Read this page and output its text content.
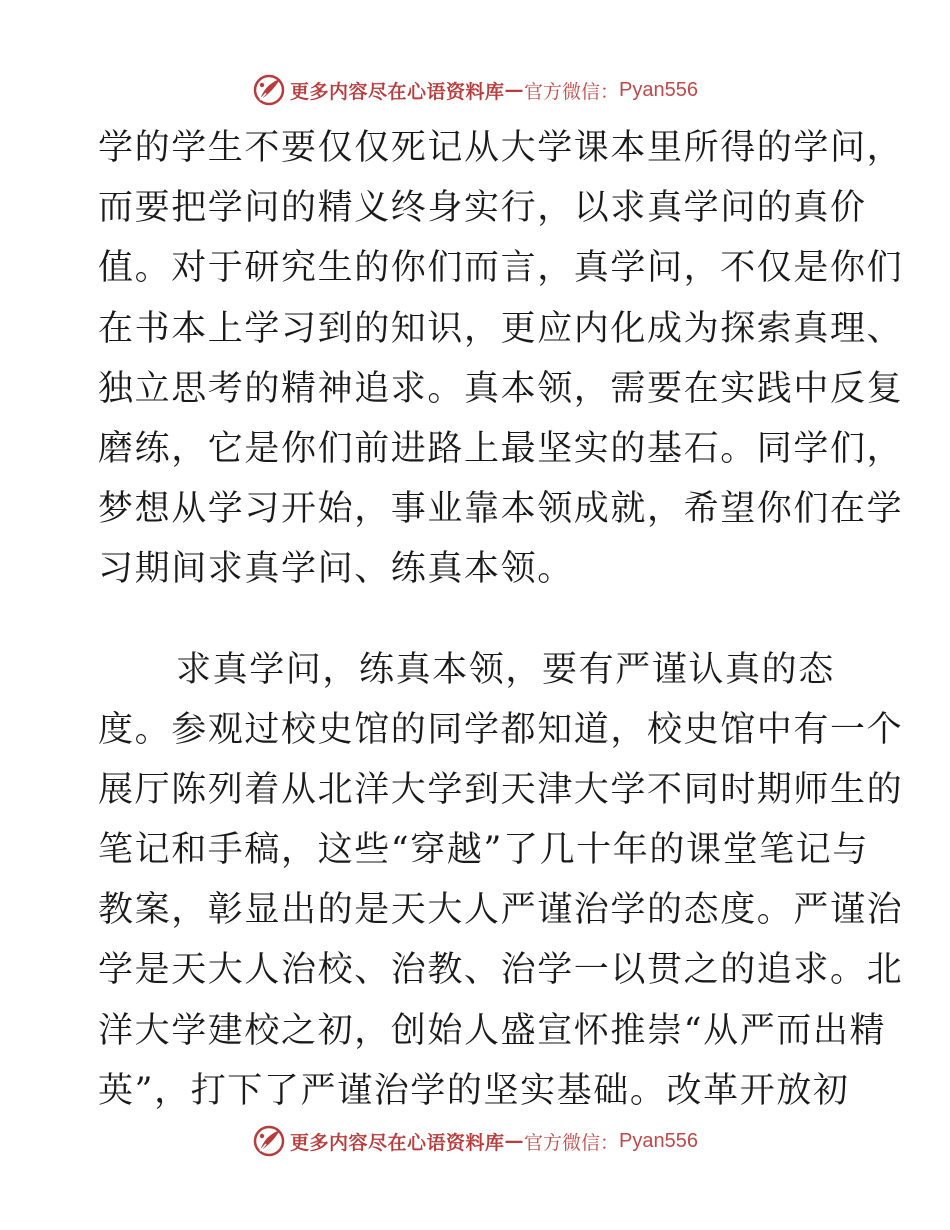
更多内容尽在心语资料库 — 官方微信： Pyan556
学的学生不要仅仅死记从大学课本里所得的学问，
而要把学问的精义终身实行，以求真学问的真价
值。对于研究生的你们而言，真学问，不仅是你们
在书本上学习到的知识，更应内化成为探索真理、
独立思考的精神追求。真本领，需要在实践中反复
磨练，它是你们前进路上最坚实的基石。同学们，
梦想从学习开始，事业靠本领成就，希望你们在学
习期间求真学问、练真本领。
求真学问，练真本领，要有严谨认真的态
度。参观过校史馆的同学都知道，校史馆中有一个
展厅陈列着从北洋大学到天津大学不同时期师生的
笔记和手稿，这些“穿越”了几十年的课堂笔记与
教案，彰显出的是天大人严谨治学的态度。严谨治
学是天大人治校、治教、治学一以贯之的追求。北
洋大学建校之初，创始人盛宣怀推崇“从严而出精
英”，打下了严谨治学的坚实基础。改革开放初
更多内容尽在心语资料库 — 官方微信： Pyan556
